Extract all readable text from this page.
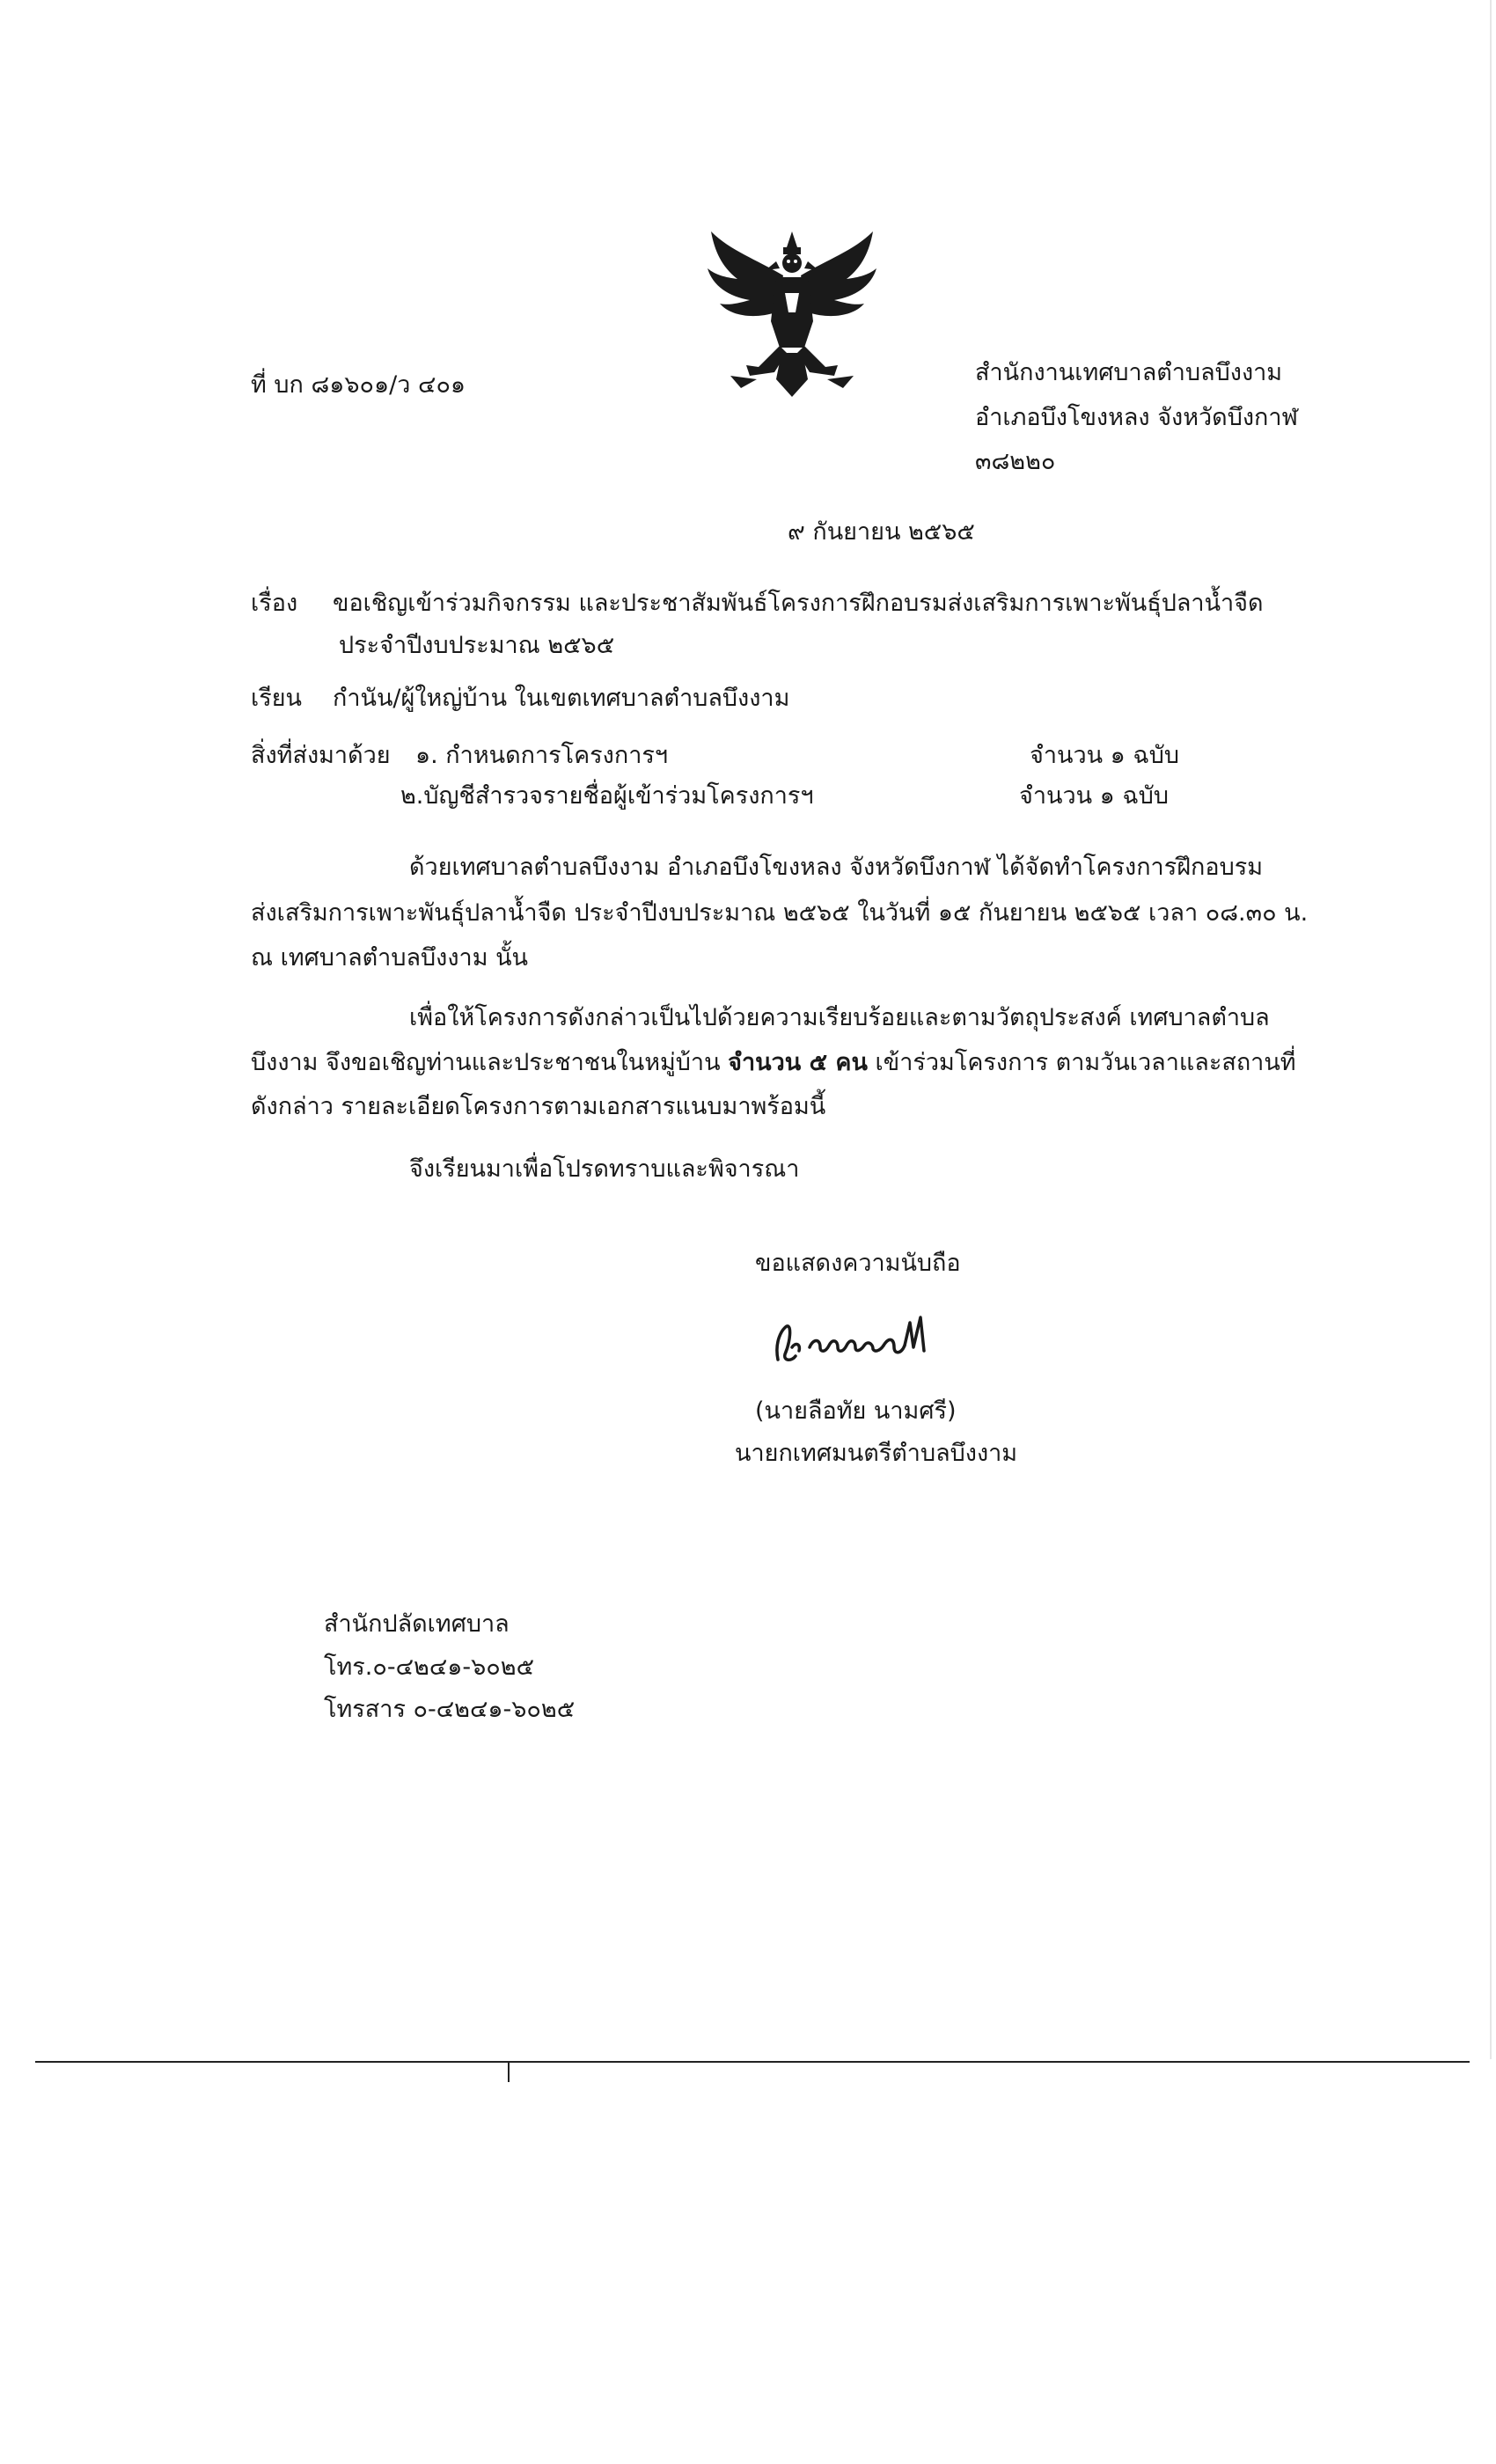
ที่ บก ๘๑๖๐๑/ว ๔๐๑	สำนักงานเทศบาลตำบลบึงงาม
อำเภอบึงโขงหลง จังหวัดบึงกาฬ
๓๘๒๒๐
๙ กันยายน ๒๕๖๕
เรื่อง ขอเชิญเข้าร่วมกิจกรรม และประชาสัมพันธ์โครงการฝึกอบรมส่งเสริมการเพาะพันธุ์ปลาน้ำจืด
ประจำปีงบประมาณ ๒๕๖๕
เรียน กำนัน/ผู้ใหญ่บ้าน ในเขตเทศบาลตำบลบึงงาม
สิ่งที่ส่งมาด้วย ๑. กำหนดการโครงการฯ	จำนวน ๑ ฉบับ
๒.บัญชีสำรวจรายชื่อผู้เข้าร่วมโครงการฯ	จำนวน ๑ ฉบับ
ด้วยเทศบาลตำบลบึงงาม อำเภอบึงโขงหลง จังหวัดบึงกาฬ ได้จัดทำโครงการฝึกอบรม
ส่งเสริมการเพาะพันธุ์ปลาน้ำจืด ประจำปีงบประมาณ ๒๕๖๕ ในวันที่ ๑๕ กันยายน ๒๕๖๕ เวลา ๐๘.๓๐ น.
ณ เทศบาลตำบลบึงงาม นั้น
เพื่อให้โครงการดังกล่าวเป็นไปด้วยความเรียบร้อยและตามวัตถุประสงค์ เทศบาลตำบล
บึงงาม จึงขอเชิญท่านและประชาชนในหมู่บ้าน จำนวน ๕ คน เข้าร่วมโครงการ ตามวันเวลาและสถานที่
ดังกล่าว รายละเอียดโครงการตามเอกสารแนบมาพร้อมนี้
จึงเรียนมาเพื่อโปรดทราบและพิจารณา
ขอแสดงความนับถือ
(นายลือทัย นามศรี)
นายกเทศมนตรีตำบลบึงงาม
สำนักปลัดเทศบาล
โทร.๐-๔๒๔๑-๖๐๒๕
โทรสาร ๐-๔๒๔๑-๖๐๒๕
